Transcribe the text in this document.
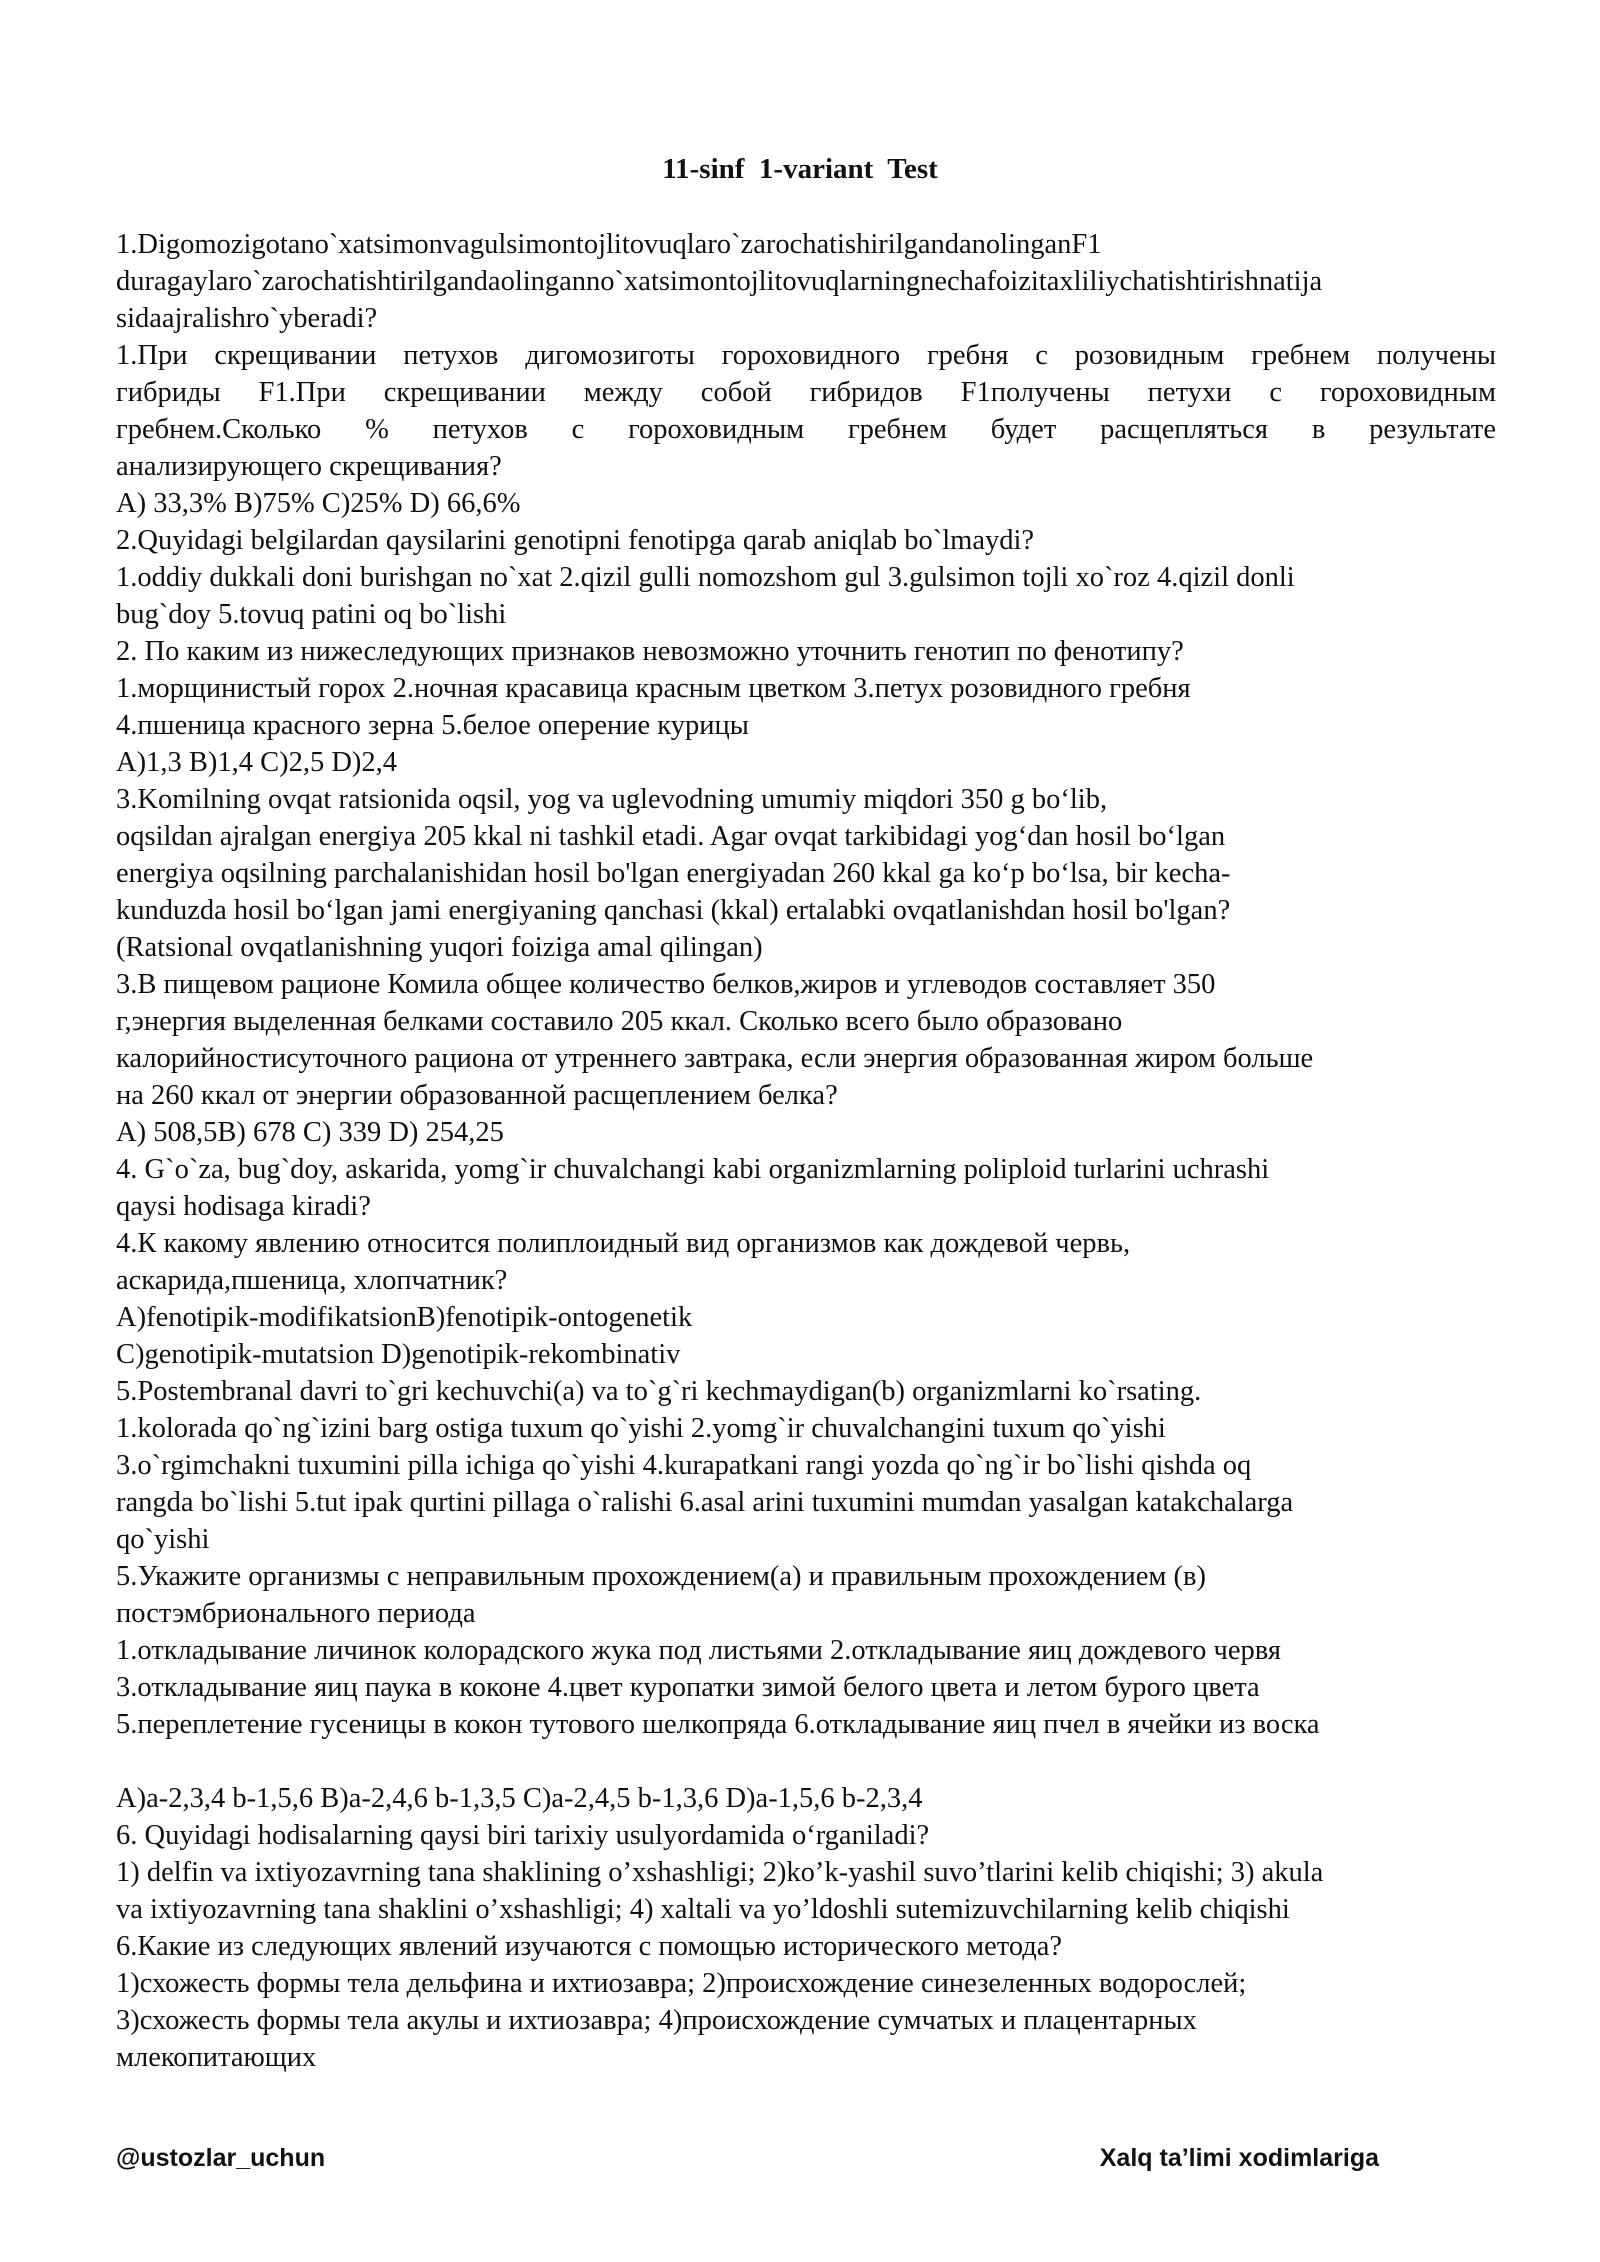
11-sinf  1-variant  Test
1.Digomozigotano`xatsimonvagulsimontojlitovuqlaro`zarochatishirilgandanolinganF1
duragaylaro`zarochatishtirilgandaolinganno`xatsimontojlitovuqlarningnechafoizitaxliliychatishtirishnatija
sidaajralishro`yberadi?
1.При скрещивании петухов дигомозиготы гороховидного гребня с розовидным гребнем получены
гибриды F1.При скрещивании между собой гибридов F1получены петухи с гороховидным
гребнем.Сколько % петухов с гороховидным гребнем будет расщепляться в результате
анализирующего скрещивания?
A) 33,3% B)75% C)25% D) 66,6%
2.Quyidagi belgilardan qaysilarini genotipni fenotipga qarab aniqlab bo`lmaydi?
1.oddiy dukkali doni burishgan no`xat 2.qizil gulli nomozshom gul 3.gulsimon tojli xo`roz 4.qizil donli
bug`doy 5.tovuq patini oq bo`lishi
2. По каким из нижеследующих признаков невозможно уточнить генотип по фенотипу?
1.морщинистый горох 2.ночная красавица красным цветком 3.петух розовидного гребня
4.пшеница красного зерна 5.белое оперение курицы
A)1,3 B)1,4 C)2,5 D)2,4
3.Komilning ovqat ratsionida oqsil, yog va uglevodning umumiy miqdori 350 g bo‘lib,
oqsildan ajralgan energiya 205 kkal ni tashkil etadi. Agar ovqat tarkibidagi yog‘dan hosil bo‘lgan
energiya oqsilning parchalanishidan hosil bo'lgan energiyadan 260 kkal ga ko‘p bo‘lsa, bir kecha-
kunduzda hosil bo‘lgan jami energiyaning qanchasi (kkal) ertalabki ovqatlanishdan hosil bo'lgan?
(Ratsional ovqatlanishning yuqori foiziga amal qilingan)
3.В пищевом рационе Комила общее количество белков,жиров и углеводов составляет 350
г,энергия выделенная белками составило 205 ккал. Сколько всего было образовано
калорийностисуточного рациона от утреннего завтрака, если энергия образованная жиром больше
на 260 ккал от энергии образованной расщеплением белка?
A) 508,5B) 678 C) 339 D) 254,25
4. G`o`za, bug`doy, askarida, yomg`ir chuvalchangi kabi organizmlarning poliploid turlarini uchrashi
qaysi hodisaga kiradi?
4.К какому явлению относится полиплоидный вид организмов как дождевой червь,
аскарида,пшеница, хлопчатник?
A)fenotipik-modifikatsionB)fenotipik-ontogenetik
C)genotipik-mutatsion D)genotipik-rekombinativ
5.Postembranal davri to`gri kechuvchi(a) va to`g`ri kechmaydigan(b) organizmlarni ko`rsating.
1.kolorada qo`ng`izini barg ostiga tuxum qo`yishi 2.yomg`ir chuvalchangini tuxum qo`yishi
3.o`rgimchakni tuxumini pilla ichiga qo`yishi 4.kurapatkani rangi yozda qo`ng`ir bo`lishi qishda oq
rangda bo`lishi 5.tut ipak qurtini pillaga o`ralishi 6.asal arini tuxumini mumdan yasalgan katakchalarga
qo`yishi
5.Укажите организмы с неправильным прохождением(a) и правильным прохождением (в)
постэмбрионального периода
1.откладывание личинок колорадского жука под листьями 2.откладывание яиц дождевого червя
3.откладывание яиц паука в коконе 4.цвет куропатки зимой белого цвета и летом бурого цвета
5.переплетение гусеницы в кокон тутового шелкопряда 6.откладывание яиц пчел в ячейки из воска
A)a-2,3,4 b-1,5,6 B)a-2,4,6 b-1,3,5 C)a-2,4,5 b-1,3,6 D)a-1,5,6 b-2,3,4
6. Quyidagi hodisalarning qaysi biri tarixiy usulyordamida o‘rganiladi?
1) delfin va ixtiyozavrning tana shaklining o’xshashligi; 2)ko’k-yashil suvo’tlarini kelib chiqishi; 3) akula
va ixtiyozavrning tana shaklini o’xshashligi; 4) xaltali va yo’ldoshli sutemizuvchilarning kelib chiqishi
6.Какие из следующих явлений изучаются с помощью исторического метода?
1)схожесть формы тела дельфина и ихтиозавра; 2)происхождение синезеленных водорослей;
3)схожесть формы тела акулы и ихтиозавра; 4)происхождение сумчатых и плацентарных
млекопитающих
@ustozlar_uchun	Xalq ta’limi xodimlariga
